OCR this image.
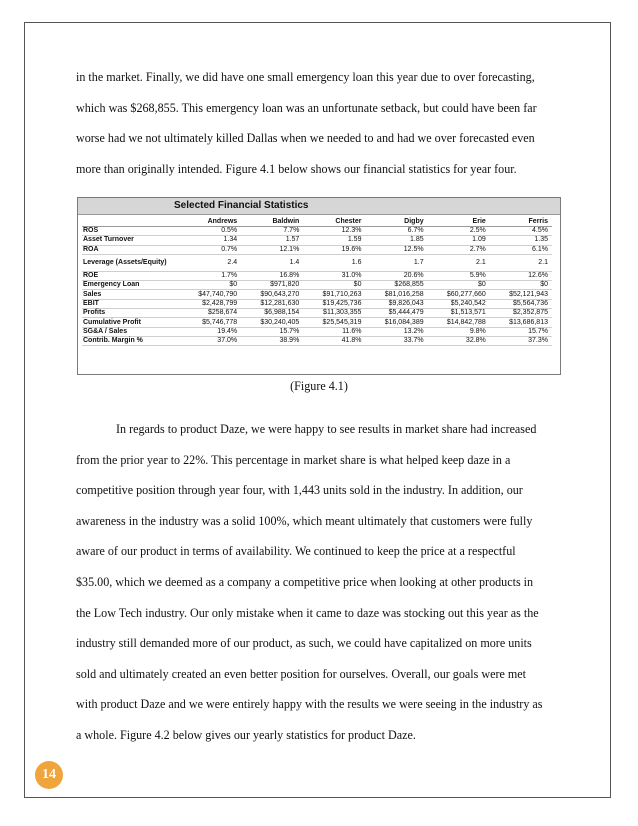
in the market. Finally, we did have one small emergency loan this year due to over forecasting,

which was $268,855. This emergency loan was an unfortunate setback, but could have been far

worse had we not ultimately killed Dallas when we needed to and had we over forecasted even

more than originally intended. Figure 4.1 below shows our financial statistics for year four.

Selected Financial Statistics
	Andrews	Baldwin	Chester	Digby	Erie	Ferris
ROS	0.5%	7.7%	12.3%	6.7%	2.5%	4.5%
Asset Turnover	1.34	1.57	1.59	1.85	1.09	1.35
ROA	0.7%	12.1%	19.6%	12.5%	2.7%	6.1%
Leverage (Assets/Equity)	2.4	1.4	1.6	1.7	2.1	2.1
ROE	1.7%	16.8%	31.0%	20.6%	5.9%	12.6%
Emergency Loan	$0	$971,820	$0	$268,855	$0	$0
Sales	$47,740,790	$90,643,270	$91,710,263	$81,016,258	$60,277,660	$52,121,943
EBIT	$2,428,799	$12,281,630	$19,425,736	$9,826,043	$5,240,542	$5,564,736
Profits	$258,674	$6,988,154	$11,303,355	$5,444,479	$1,513,571	$2,352,875
Cumulative Profit	$5,746,778	$30,240,405	$25,545,319	$16,084,389	$14,842,788	$13,686,813
SG&A / Sales	19.4%	15.7%	11.6%	13.2%	9.8%	15.7%
Contrib. Margin %	37.0%	38.9%	41.8%	33.7%	32.8%	37.3%
(Figure 4.1)

In regards to product Daze, we were happy to see results in market share had increased

from the prior year to 22%. This percentage in market share is what helped keep daze in a

competitive position through year four, with 1,443 units sold in the industry. In addition, our

awareness in the industry was a solid 100%, which meant ultimately that customers were fully

aware of our product in terms of availability. We continued to keep the price at a respectful

$35.00, which we deemed as a company a competitive price when looking at other products in

the Low Tech industry. Our only mistake when it came to daze was stocking out this year as the

industry still demanded more of our product, as such, we could have capitalized on more units

sold and ultimately created an even better position for ourselves. Overall, our goals were met

with product Daze and we were entirely happy with the results we were seeing in the industry as

a whole. Figure 4.2 below gives our yearly statistics for product Daze.

14
